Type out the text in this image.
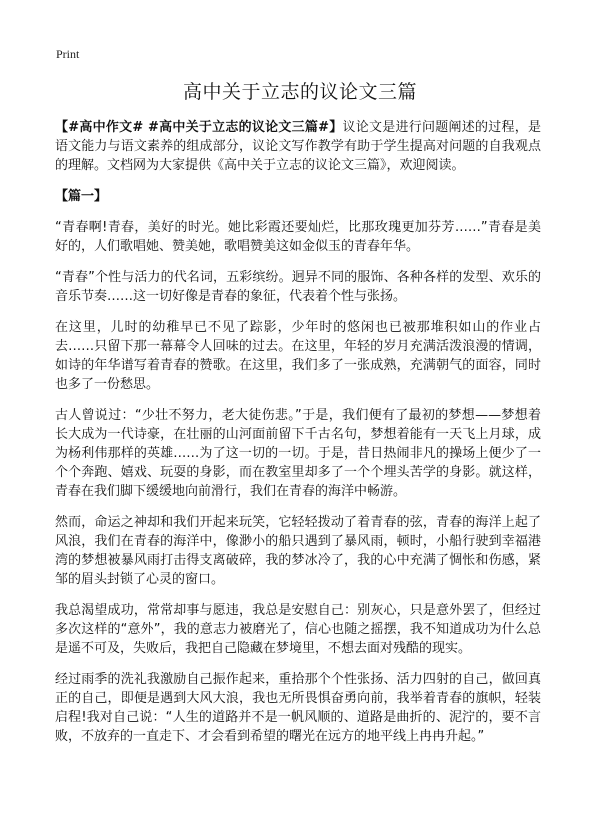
Print
高中关于立志的议论文三篇

【#高中作文# #高中关于立志的议论文三篇#】议论文是进行问题阐述的过程，是语文能力与语文素养的组成部分，议论文写作教学有助于学生提高对问题的自我观点的理解。文档网为大家提供《高中关于立志的议论文三篇》，欢迎阅读。

【篇一】

“青春啊!青春，美好的时光。她比彩霞还要灿烂，比那玫瑰更加芬芳……”青春是美好的，人们歌唱她、赞美她，歌唱赞美这如金似玉的青春年华。

“青春”个性与活力的代名词，五彩缤纷。迥异不同的服饰、各种各样的发型、欢乐的音乐节奏……这一切好像是青春的象征，代表着个性与张扬。

在这里，儿时的幼稚早已不见了踪影，少年时的悠闲也已被那堆积如山的作业占去……只留下那一幕幕令人回味的过去。在这里，年轻的岁月充满活泼浪漫的情调，如诗的年华谱写着青春的赞歌。在这里，我们多了一张成熟，充满朝气的面容，同时也多了一份愁思。

古人曾说过：“少壮不努力，老大徒伤悲。”于是，我们便有了最初的梦想——梦想着长大成为一代诗豪，在壮丽的山河面前留下千古名句，梦想着能有一天飞上月球，成为杨利伟那样的英雄……为了这一切的一切。于是，昔日热闹非凡的操场上便少了一个个奔跑、嬉戏、玩耍的身影，而在教室里却多了一个个埋头苦学的身影。就这样，青春在我们脚下缓缓地向前滑行，我们在青春的海洋中畅游。

然而，命运之神却和我们开起来玩笑，它轻轻拨动了着青春的弦，青春的海洋上起了风浪，我们在青春的海洋中，像渺小的船只遇到了暴风雨，顿时，小船行驶到幸福港湾的梦想被暴风雨打击得支离破碎，我的梦冰冷了，我的心中充满了惆怅和伤感，紧邹的眉头封锁了心灵的窗口。

我总渴望成功，常常却事与愿违，我总是安慰自己：别灰心，只是意外罢了，但经过多次这样的“意外”，我的意志力被磨光了，信心也随之摇摆，我不知道成功为什么总是遥不可及，失败后，我把自己隐藏在梦境里，不想去面对残酷的现实。

经过雨季的洗礼我激励自己振作起来，重拾那个个性张扬、活力四射的自己，做回真正的自己，即便是遇到大风大浪，我也无所畏惧奋勇向前，我举着青春的旗帜，轻装启程!我对自己说：“人生的道路并不是一帆风顺的、道路是曲折的、泥泞的，要不言败，不放弃的一直走下、才会看到希望的曙光在远方的地平线上冉冉升起。”
